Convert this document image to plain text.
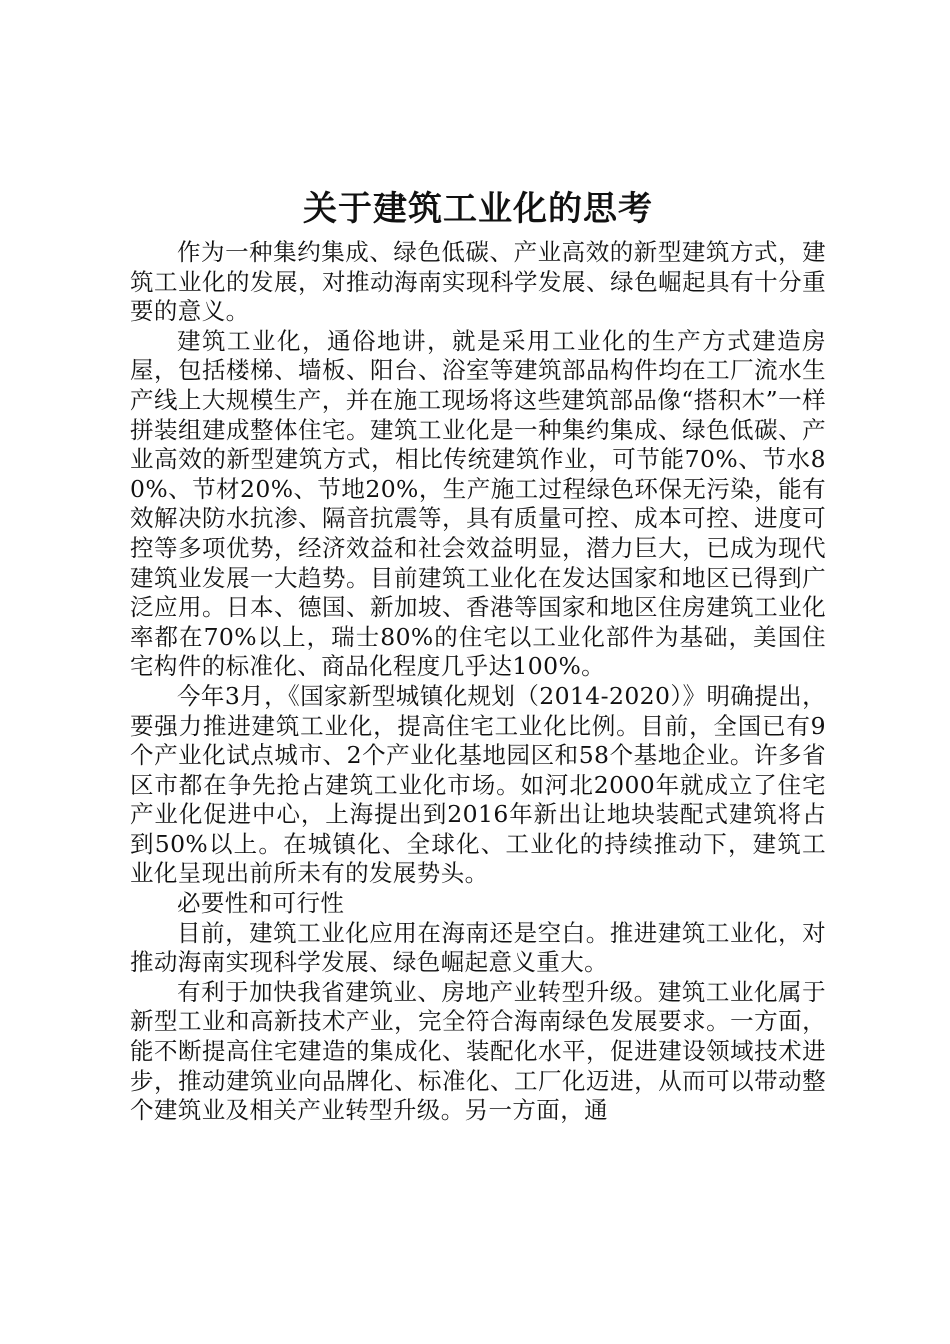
关于建筑工业化的思考

作为一种集约集成、绿色低碳、产业高效的新型建筑方式，建筑工业化的发展，对推动海南实现科学发展、绿色崛起具有十分重要的意义。

建筑工业化，通俗地讲，就是采用工业化的生产方式建造房屋，包括楼梯、墙板、阳台、浴室等建筑部品构件均在工厂流水生产线上大规模生产，并在施工现场将这些建筑部品像“搭积木”一样拼装组建成整体住宅。建筑工业化是一种集约集成、绿色低碳、产业高效的新型建筑方式，相比传统建筑作业，可节能70%、节水80%、节材20%、节地20%，生产施工过程绿色环保无污染，能有效解决防水抗渗、隔音抗震等，具有质量可控、成本可控、进度可控等多项优势，经济效益和社会效益明显，潜力巨大，已成为现代建筑业发展一大趋势。目前建筑工业化在发达国家和地区已得到广泛应用。日本、德国、新加坡、香港等国家和地区住房建筑工业化率都在70%以上，瑞士80%的住宅以工业化部件为基础，美国住宅构件的标准化、商品化程度几乎达100%。

今年3月，《国家新型城镇化规划（2014-2020）》明确提出，要强力推进建筑工业化，提高住宅工业化比例。目前，全国已有9个产业化试点城市、2个产业化基地园区和58个基地企业。许多省区市都在争先抢占建筑工业化市场。如河北2000年就成立了住宅产业化促进中心，上海提出到2016年新出让地块装配式建筑将占到50%以上。在城镇化、全球化、工业化的持续推动下，建筑工业化呈现出前所未有的发展势头。

必要性和可行性

目前，建筑工业化应用在海南还是空白。推进建筑工业化，对推动海南实现科学发展、绿色崛起意义重大。

有利于加快我省建筑业、房地产业转型升级。建筑工业化属于新型工业和高新技术产业，完全符合海南绿色发展要求。一方面，能不断提高住宅建造的集成化、装配化水平，促进建设领域技术进步，推动建筑业向品牌化、标准化、工厂化迈进，从而可以带动整个建筑业及相关产业转型升级。另一方面，通
